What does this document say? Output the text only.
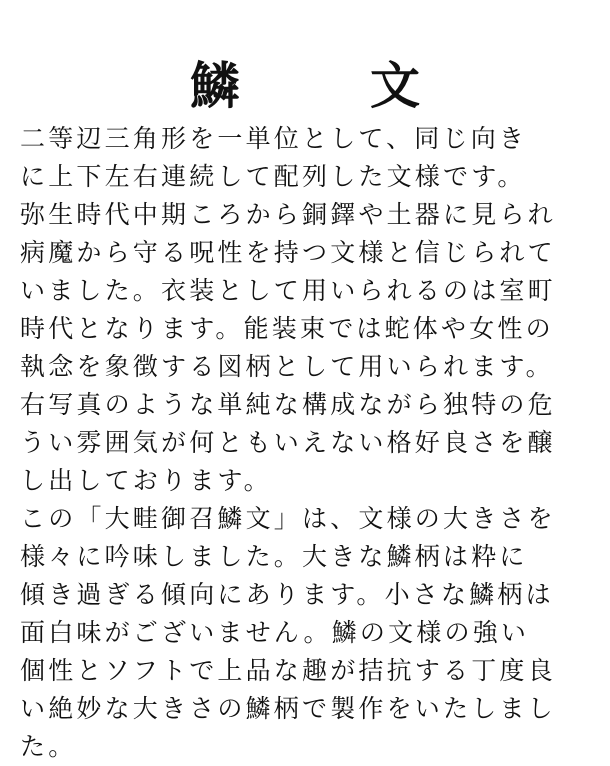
鱗　文
二等辺三角形を一単位として、同じ向き
に上下左右連続して配列した文様です。
弥生時代中期ころから銅鐸や土器に見られ
病魔から守る呪性を持つ文様と信じられて
いました。衣装として用いられるのは室町
時代となります。能装束では蛇体や女性の
執念を象徴する図柄として用いられます。
右写真のような単純な構成ながら独特の危
うい雰囲気が何ともいえない格好良さを醸
し出しております。
この「大畦御召鱗文」は、文様の大きさを
様々に吟味しました。大きな鱗柄は粋に
傾き過ぎる傾向にあります。小さな鱗柄は
面白味がございません。鱗の文様の強い
個性とソフトで上品な趣が拮抗する丁度良
い絶妙な大きさの鱗柄で製作をいたしまし
た。
